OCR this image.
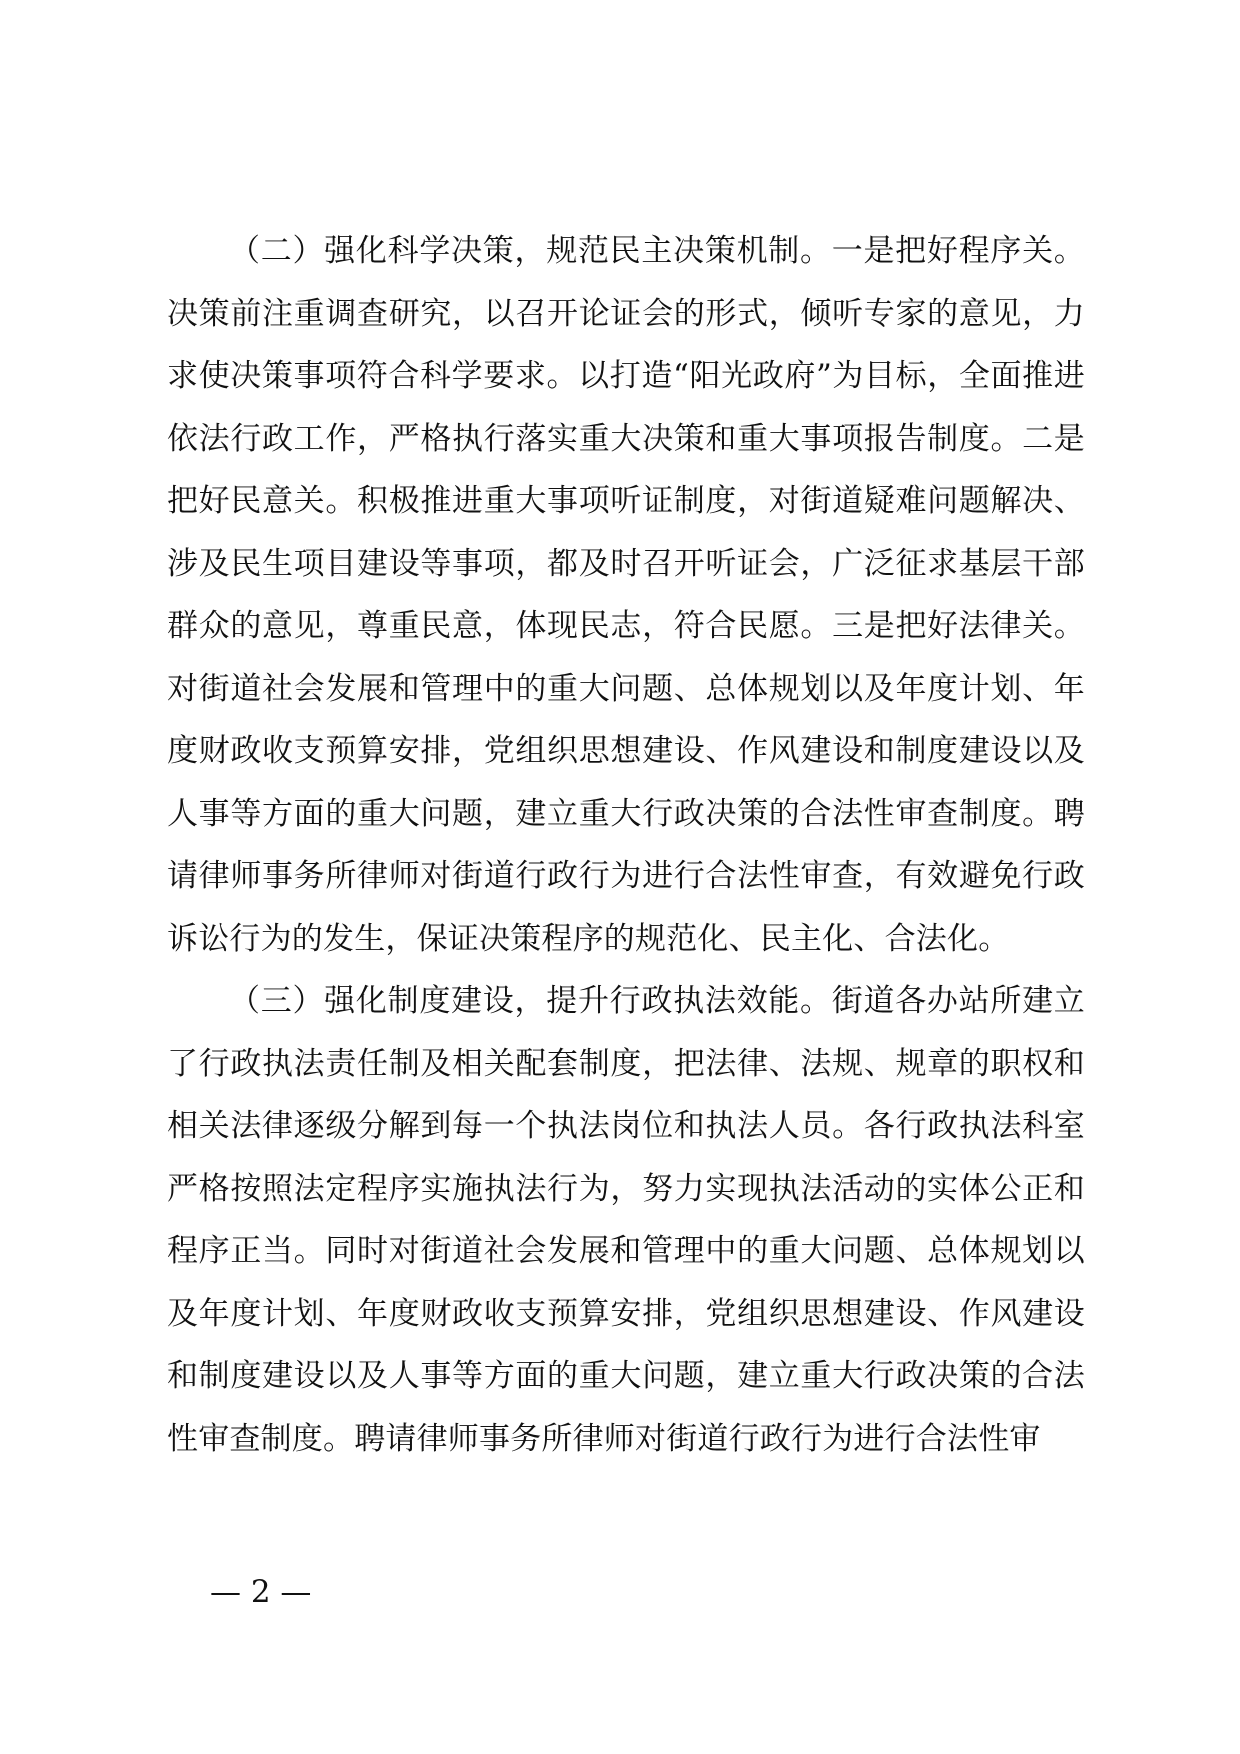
（二）强化科学决策，规范民主决策机制。一是把好程序关。决策前注重调查研究，以召开论证会的形式，倾听专家的意见，力求使决策事项符合科学要求。以打造“阳光政府”为目标，全面推进依法行政工作，严格执行落实重大决策和重大事项报告制度。二是把好民意关。积极推进重大事项听证制度，对街道疑难问题解决、涉及民生项目建设等事项，都及时召开听证会，广泛征求基层干部群众的意见，尊重民意，体现民志，符合民愿。三是把好法律关。对街道社会发展和管理中的重大问题、总体规划以及年度计划、年度财政收支预算安排，党组织思想建设、作风建设和制度建设以及人事等方面的重大问题，建立重大行政决策的合法性审查制度。聘请律师事务所律师对街道行政行为进行合法性审查，有效避免行政诉讼行为的发生，保证决策程序的规范化、民主化、合法化。

（三）强化制度建设，提升行政执法效能。街道各办站所建立了行政执法责任制及相关配套制度，把法律、法规、规章的职权和相关法律逐级分解到每一个执法岗位和执法人员。各行政执法科室严格按照法定程序实施执法行为，努力实现执法活动的实体公正和程序正当。同时对街道社会发展和管理中的重大问题、总体规划以及年度计划、年度财政收支预算安排，党组织思想建设、作风建设和制度建设以及人事等方面的重大问题，建立重大行政决策的合法性审查制度。聘请律师事务所律师对街道行政行为进行合法性审

— 2 —
